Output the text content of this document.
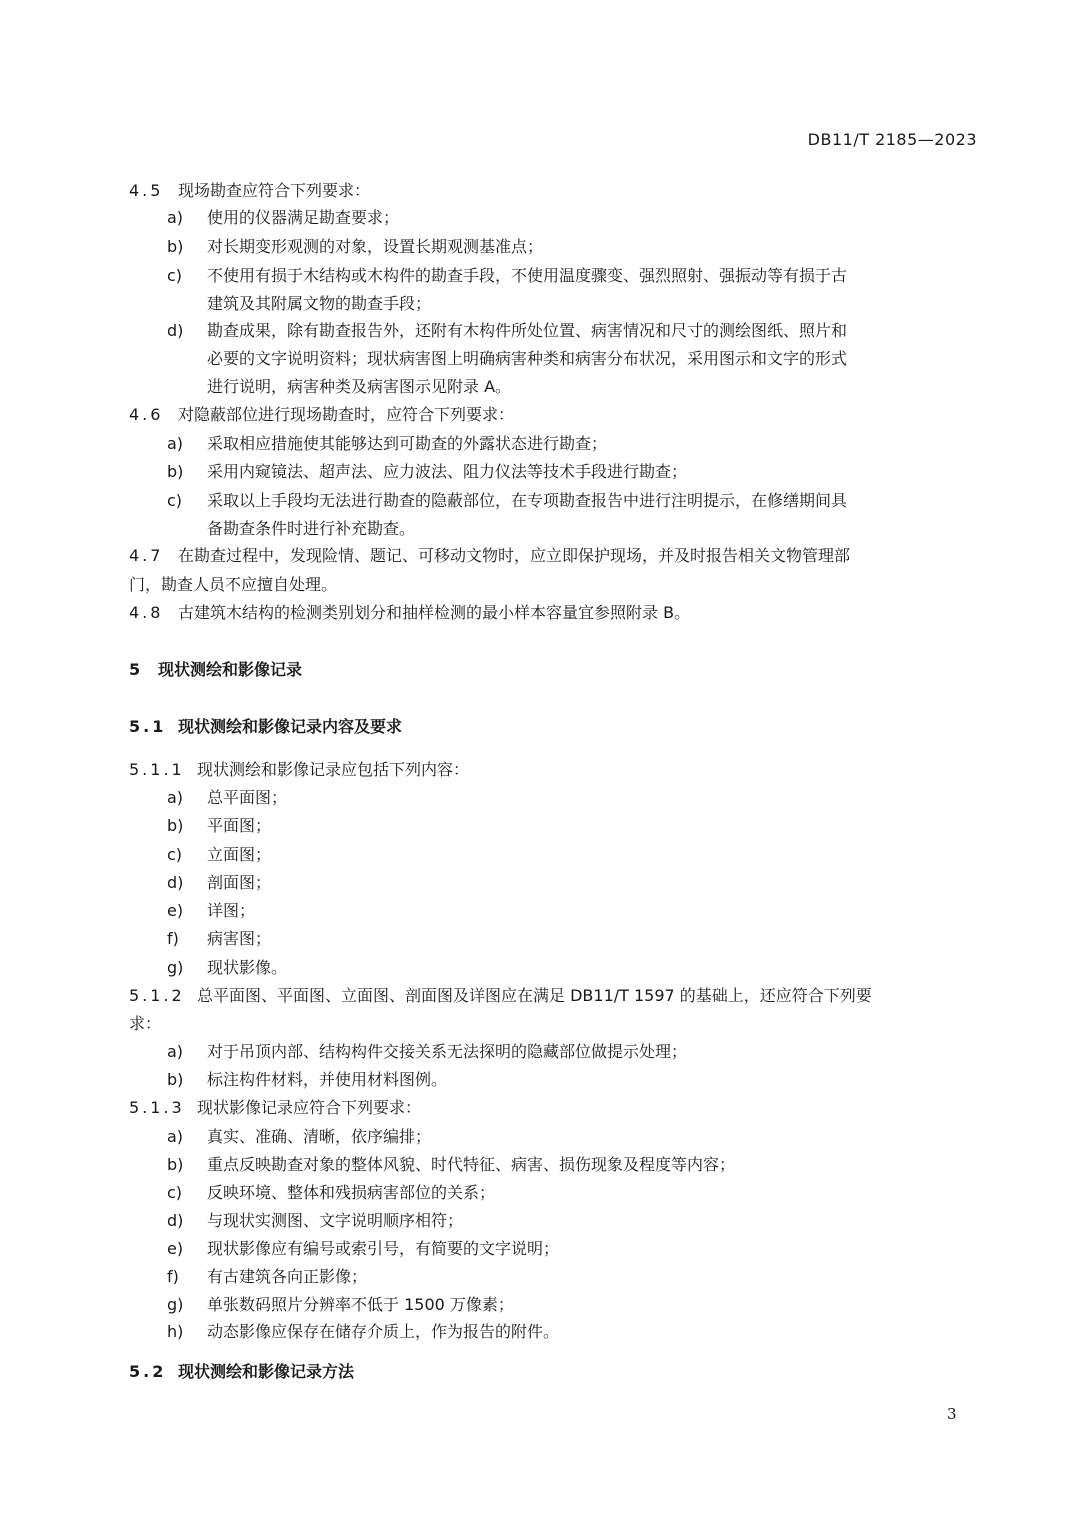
DB11/T 2185—2023
4.5 现场勘查应符合下列要求：
a) 使用的仪器满足勘查要求；
b) 对长期变形观测的对象，设置长期观测基准点；
c) 不使用有损于木结构或木构件的勘查手段，不使用温度骤变、强烈照射、强振动等有损于古
建筑及其附属文物的勘查手段；
d) 勘查成果，除有勘查报告外，还附有木构件所处位置、病害情况和尺寸的测绘图纸、照片和
必要的文字说明资料；现状病害图上明确病害种类和病害分布状况，采用图示和文字的形式
进行说明，病害种类及病害图示见附录 A。
4.6 对隐蔽部位进行现场勘查时，应符合下列要求：
a) 采取相应措施使其能够达到可勘查的外露状态进行勘查；
b) 采用内窥镜法、超声法、应力波法、阻力仪法等技术手段进行勘查；
c) 采取以上手段均无法进行勘查的隐蔽部位，在专项勘查报告中进行注明提示，在修缮期间具
备勘查条件时进行补充勘查。
4.7 在勘查过程中，发现险情、题记、可移动文物时，应立即保护现场，并及时报告相关文物管理部
门，勘查人员不应擅自处理。
4.8 古建筑木结构的检测类别划分和抽样检测的最小样本容量宜参照附录 B。
5 现状测绘和影像记录
5.1 现状测绘和影像记录内容及要求
5.1.1 现状测绘和影像记录应包括下列内容：
a) 总平面图；
b) 平面图；
c) 立面图；
d) 剖面图；
e) 详图；
f) 病害图；
g) 现状影像。
5.1.2 总平面图、平面图、立面图、剖面图及详图应在满足 DB11/T 1597 的基础上，还应符合下列要
求：
a) 对于吊顶内部、结构构件交接关系无法探明的隐藏部位做提示处理；
b) 标注构件材料，并使用材料图例。
5.1.3 现状影像记录应符合下列要求：
a) 真实、准确、清晰，依序编排；
b) 重点反映勘查对象的整体风貌、时代特征、病害、损伤现象及程度等内容；
c) 反映环境、整体和残损病害部位的关系；
d) 与现状实测图、文字说明顺序相符；
e) 现状影像应有编号或索引号，有简要的文字说明；
f) 有古建筑各向正影像；
g) 单张数码照片分辨率不低于 1500 万像素；
h) 动态影像应保存在储存介质上，作为报告的附件。
5.2 现状测绘和影像记录方法
3
